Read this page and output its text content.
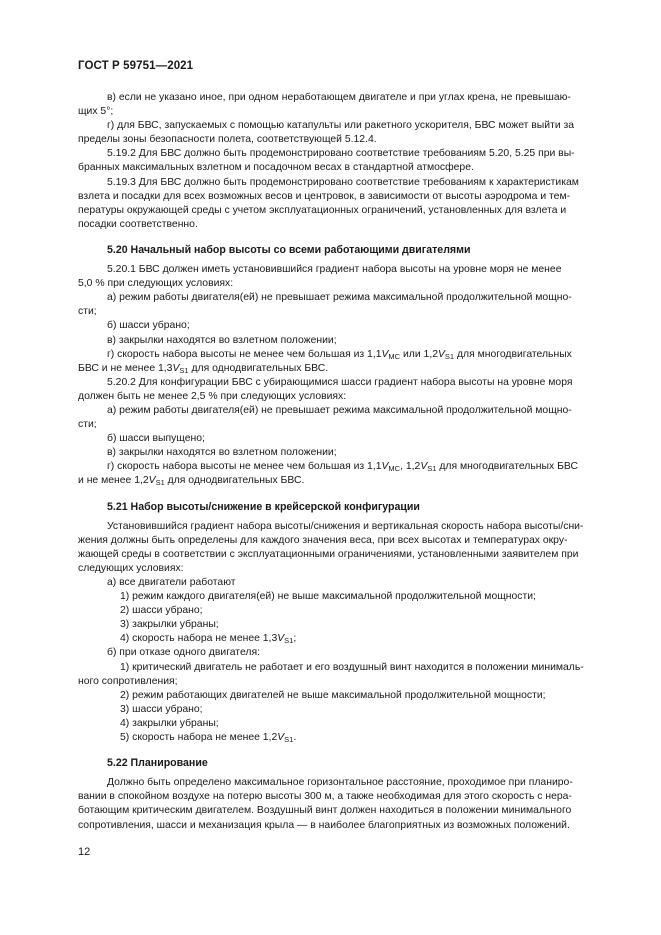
ГОСТ Р 59751—2021
в) если не указано иное, при одном неработающем двигателе и при углах крена, не превышаю-
щих 5°;
г) для БВС, запускаемых с помощью катапульты или ракетного ускорителя, БВС может выйти за
пределы зоны безопасности полета, соответствующей 5.12.4.
5.19.2 Для БВС должно быть продемонстрировано соответствие требованиям 5.20, 5.25 при вы-
бранных максимальных взлетном и посадочном весах в стандартной атмосфере.
5.19.3 Для БВС должно быть продемонстрировано соответствие требованиям к характеристикам
взлета и посадки для всех возможных весов и центровок, в зависимости от высоты аэродрома и тем-
пературы окружающей среды с учетом эксплуатационных ограничений, установленных для взлета и
посадки соответственно.
5.20 Начальный набор высоты со всеми работающими двигателями
5.20.1 БВС должен иметь установившийся градиент набора высоты на уровне моря не менее
5,0 % при следующих условиях:
а) режим работы двигателя(ей) не превышает режима максимальной продолжительной мощно-
сти;
б) шасси убрано;
в) закрылки находятся во взлетном положении;
г) скорость набора высоты не менее чем большая из $1,1V_{MC}$ или $1,2V_{S1}$ для многодвигательных
БВС и не менее $1,3V_{S1}$ для однодвигательных БВС.
5.20.2 Для конфигурации БВС с убирающимися шасси градиент набора высоты на уровне моря
должен быть не менее 2,5 % при следующих условиях:
а) режим работы двигателя(ей) не превышает режима максимальной продолжительной мощно-
сти;
б) шасси выпущено;
в) закрылки находятся во взлетном положении;
г) скорость набора высоты не менее чем большая из $1,1V_{MC}$, $1,2V_{S1}$ для многодвигательных БВС
и не менее $1,2V_{S1}$ для однодвигательных БВС.
5.21 Набор высоты/снижение в крейсерской конфигурации
Установившийся градиент набора высоты/снижения и вертикальная скорость набора высоты/сни-
жения должны быть определены для каждого значения веса, при всех высотах и температурах окру-
жающей среды в соответствии с эксплуатационными ограничениями, установленными заявителем при
следующих условиях:
а) все двигатели работают
1) режим каждого двигателя(ей) не выше максимальной продолжительной мощности;
2) шасси убрано;
3) закрылки убраны;
4) скорость набора не менее $1,3V_{S1}$;
б) при отказе одного двигателя:
1) критический двигатель не работает и его воздушный винт находится в положении минималь-
ного сопротивления;
2) режим работающих двигателей не выше максимальной продолжительной мощности;
3) шасси убрано;
4) закрылки убраны;
5) скорость набора не менее $1,2V_{S1}$.
5.22 Планирование
Должно быть определено максимальное горизонтальное расстояние, проходимое при планиро-
вании в спокойном воздухе на потерю высоты 300 м, а также необходимая для этого скорость с нера-
ботающим критическим двигателем. Воздушный винт должен находиться в положении минимального
сопротивления, шасси и механизация крыла — в наиболее благоприятных из возможных положений.
12
